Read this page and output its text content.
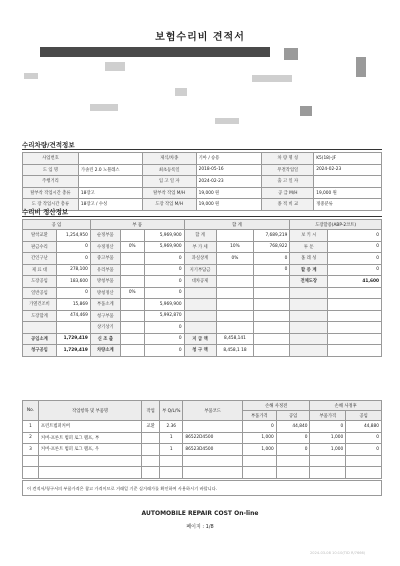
보험수리비 견적서
수리차량/견적정보
사업번호		제식/차종	기아 / 승용	차 량 명 칭	K5(18)-JF
도 입 명	가솔린 2.0 노블레스	최초등록일	2018-05-16	무결작업일	2024-02-23
주행거리		입 고 일 자	2024-02-23	출 고 일 자	
탈부착 작업시간 총류	18장고	탈부착 작업 M/H	19,000 원	공 급 M/H	19,000 원
도 장 작업시간 총류	18장고 / 수성	도장 작업 M/H	19,000 원	종 적 비 교	정중분류
수리비 정산정보
공 임		부 품			합 계			도장할증(ABP-2코트)	
탈착교환	1,254,950	순정부품		5,969,900	합 계		7,689,219	보 키 시	0
판금수리	0	수정정산	0%	5,969,900	부 가 세	10%	768,922	투 툰	0
간인구난	0	중고부품		0	과실상계	0%	0	홈 레 성	0
제 료 대	278,100	유리부품		0	지기부담금		0	할 증 계	0
도장공임	183,600	방청부품		0	대차공제			전체도장	41,600
일반공임	0	방청정산	0%	0					
가열건조비	15,869	부품소계		5,969,900					
도장합계	474,469	청구부품		5,992,870					
		상기상기		0					
공임소계	1,729,419	신 조 출		0	지 급 액	8,458,141			
청구공임	1,729,419	차량소계		0	청 구 액	8,458,1 18			
No.	작업항목 및 부품명	작업	부 Q/L/%	부품코드	손해 사정전		손해 사정후	
					부품가격	공임	부품가격	공임
1	프런트범퍼커버	교환	2.36		0	44,840	0	44,880
2	커버-프론트 범퍼 로그 램프, 부		1	86522D4500	1,000	0	1,000	0
3	커버-프론트 범퍼 로그 램프, 우		1	86523D4500	1,000	0	1,000	0

이 견적서/청구서의 부품가격은 참고 가격이므로 거래일 기준 실거래가를 확인하여 사용하시기 바랍니다.
AUTOMOBILE REPAIR COST On-line
페이지 : 1/8
2024-03-08 10:10(TID R/7666)
